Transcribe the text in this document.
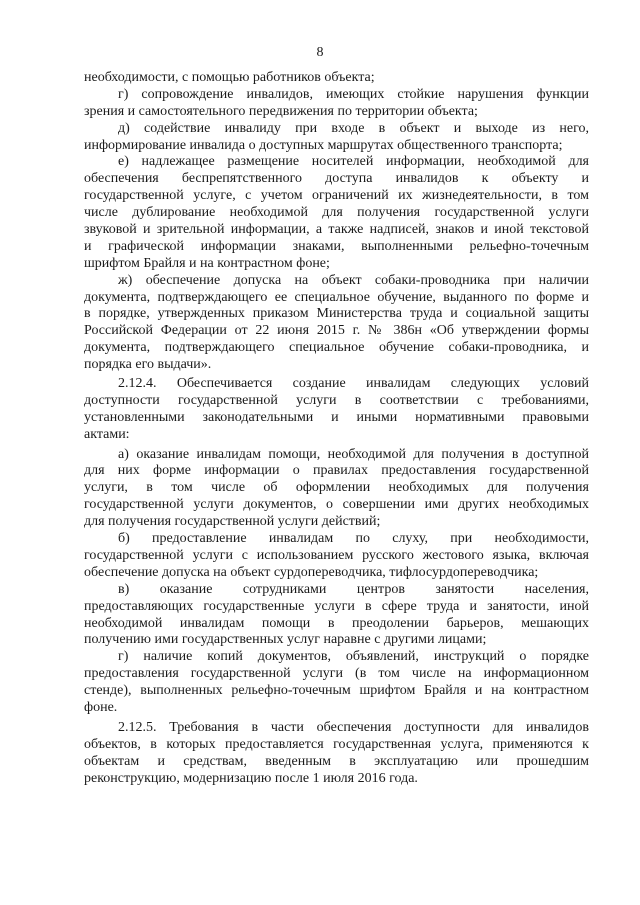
8
необходимости, с помощью работников объекта;
г) сопровождение инвалидов, имеющих стойкие нарушения функции
зрения и самостоятельного передвижения по территории объекта;
д) содействие инвалиду при входе в объект и выходе из него,
информирование инвалида о доступных маршрутах общественного транспорта;
е) надлежащее размещение носителей информации, необходимой для
обеспечения беспрепятственного доступа инвалидов к объекту и
государственной услуге, с учетом ограничений их жизнедеятельности, в том
числе дублирование необходимой для получения государственной услуги
звуковой и зрительной информации, а также надписей, знаков и иной текстовой
и графической информации знаками, выполненными рельефно-точечным
шрифтом Брайля и на контрастном фоне;
ж) обеспечение допуска на объект собаки-проводника при наличии
документа, подтверждающего ее специальное обучение, выданного по форме и
в порядке, утвержденных приказом Министерства труда и социальной защиты
Российской Федерации от 22 июня 2015 г. № 386н «Об утверждении формы
документа, подтверждающего специальное обучение собаки-проводника, и
порядка его выдачи».
2.12.4. Обеспечивается создание инвалидам следующих условий
доступности государственной услуги в соответствии с требованиями,
установленными законодательными и иными нормативными правовыми
актами:
а) оказание инвалидам помощи, необходимой для получения в доступной
для них форме информации о правилах предоставления государственной
услуги, в том числе об оформлении необходимых для получения
государственной услуги документов, о совершении ими других необходимых
для получения государственной услуги действий;
б) предоставление инвалидам по слуху, при необходимости,
государственной услуги с использованием русского жестового языка, включая
обеспечение допуска на объект сурдопереводчика, тифлосурдопереводчика;
в) оказание сотрудниками центров занятости населения,
предоставляющих государственные услуги в сфере труда и занятости, иной
необходимой инвалидам помощи в преодолении барьеров, мешающих
получению ими государственных услуг наравне с другими лицами;
г) наличие копий документов, объявлений, инструкций о порядке
предоставления государственной услуги (в том числе на информационном
стенде), выполненных рельефно-точечным шрифтом Брайля и на контрастном
фоне.
2.12.5. Требования в части обеспечения доступности для инвалидов
объектов, в которых предоставляется государственная услуга, применяются к
объектам и средствам, введенным в эксплуатацию или прошедшим
реконструкцию, модернизацию после 1 июля 2016 года.
